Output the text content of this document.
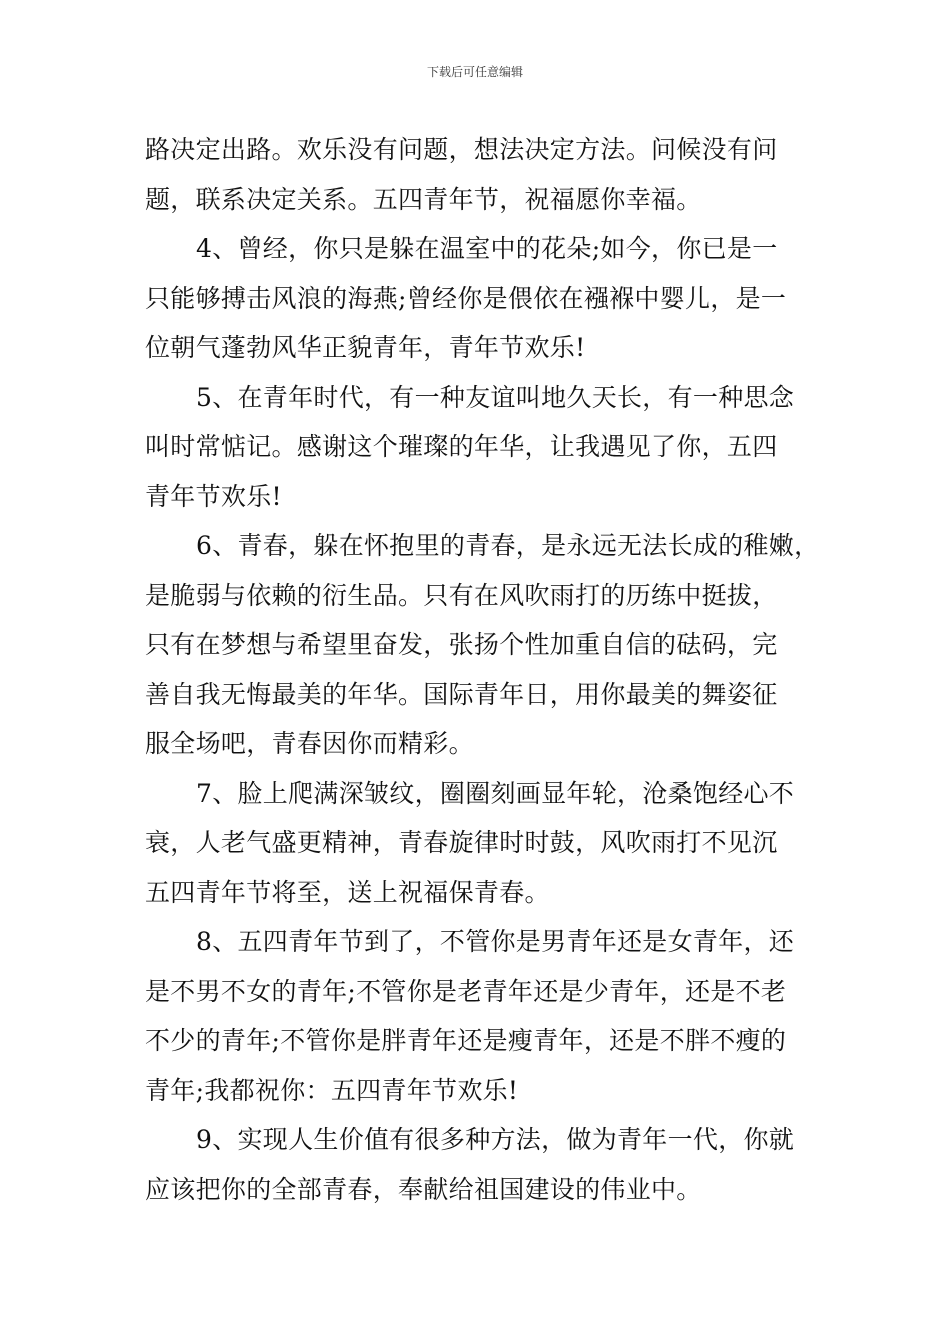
下载后可任意编辑
路决定出路。欢乐没有问题，想法决定方法。问候没有问
题，联系决定关系。五四青年节，祝福愿你幸福。
4、曾经，你只是躲在温室中的花朵;如今，你已是一
只能够搏击风浪的海燕;曾经你是偎依在襁褓中婴儿，是一
位朝气蓬勃风华正貌青年，青年节欢乐!
5、在青年时代，有一种友谊叫地久天长，有一种思念
叫时常惦记。感谢这个璀璨的年华，让我遇见了你，五四
青年节欢乐!
6、青春，躲在怀抱里的青春，是永远无法长成的稚嫩，
是脆弱与依赖的衍生品。只有在风吹雨打的历练中挺拔，
只有在梦想与希望里奋发，张扬个性加重自信的砝码，完
善自我无悔最美的年华。国际青年日，用你最美的舞姿征
服全场吧，青春因你而精彩。
7、脸上爬满深皱纹，圈圈刻画显年轮，沧桑饱经心不
衰，人老气盛更精神，青春旋律时时鼓，风吹雨打不见沉
五四青年节将至，送上祝福保青春。
8、五四青年节到了，不管你是男青年还是女青年，还
是不男不女的青年;不管你是老青年还是少青年，还是不老
不少的青年;不管你是胖青年还是瘦青年，还是不胖不瘦的
青年;我都祝你：五四青年节欢乐!
9、实现人生价值有很多种方法，做为青年一代，你就
应该把你的全部青春，奉献给祖国建设的伟业中。
